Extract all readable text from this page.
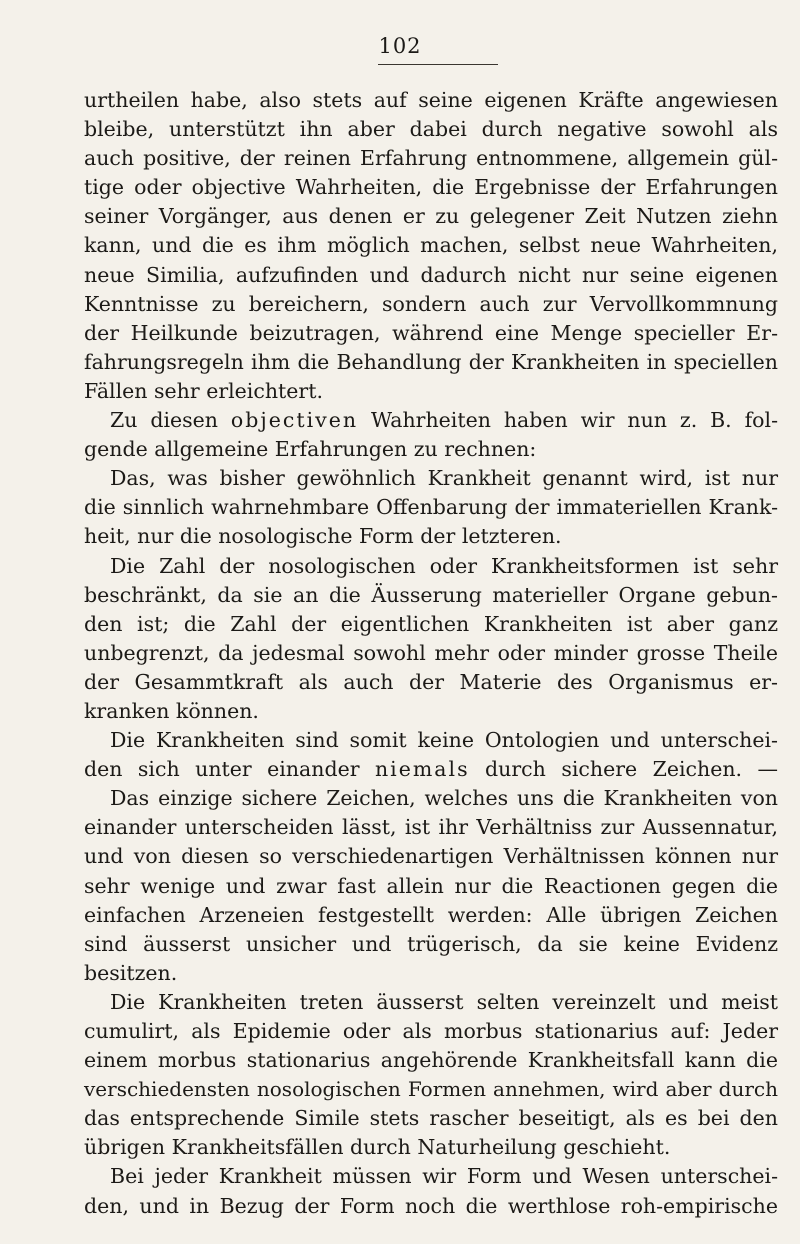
102
urtheilen habe, also stets auf seine eigenen Kräfte angewiesen
bleibe, unterstützt ihn aber dabei durch negative sowohl als
auch positive, der reinen Erfahrung entnommene, allgemein gül-
tige oder objective Wahrheiten, die Ergebnisse der Erfahrungen
seiner Vorgänger, aus denen er zu gelegener Zeit Nutzen ziehn
kann, und die es ihm möglich machen, selbst neue Wahrheiten,
neue Similia, aufzufinden und dadurch nicht nur seine eigenen
Kenntnisse zu bereichern, sondern auch zur Vervollkommnung
der Heilkunde beizutragen, während eine Menge specieller Er-
fahrungsregeln ihm die Behandlung der Krankheiten in speciellen
Fällen sehr erleichtert.
Zu diesen objectiven Wahrheiten haben wir nun z. B. fol-
gende allgemeine Erfahrungen zu rechnen:
Das, was bisher gewöhnlich Krankheit genannt wird, ist nur
die sinnlich wahrnehmbare Offenbarung der immateriellen Krank-
heit, nur die nosologische Form der letzteren.
Die Zahl der nosologischen oder Krankheitsformen ist sehr
beschränkt, da sie an die Äusserung materieller Organe gebun-
den ist; die Zahl der eigentlichen Krankheiten ist aber ganz
unbegrenzt, da jedesmal sowohl mehr oder minder grosse Theile
der Gesammtkraft als auch der Materie des Organismus er-
kranken können.
Die Krankheiten sind somit keine Ontologien und unterschei-
den sich unter einander niemals durch sichere Zeichen. —
Das einzige sichere Zeichen, welches uns die Krankheiten von
einander unterscheiden lässt, ist ihr Verhältniss zur Aussennatur,
und von diesen so verschiedenartigen Verhältnissen können nur
sehr wenige und zwar fast allein nur die Reactionen gegen die
einfachen Arzeneien festgestellt werden: Alle übrigen Zeichen
sind äusserst unsicher und trügerisch, da sie keine Evidenz
besitzen.
Die Krankheiten treten äusserst selten vereinzelt und meist
cumulirt, als Epidemie oder als morbus stationarius auf: Jeder
einem morbus stationarius angehörende Krankheitsfall kann die
verschiedensten nosologischen Formen annehmen, wird aber durch
das entsprechende Simile stets rascher beseitigt, als es bei den
übrigen Krankheitsfällen durch Naturheilung geschieht.
Bei jeder Krankheit müssen wir Form und Wesen unterschei-
den, und in Bezug der Form noch die werthlose roh-empirische
